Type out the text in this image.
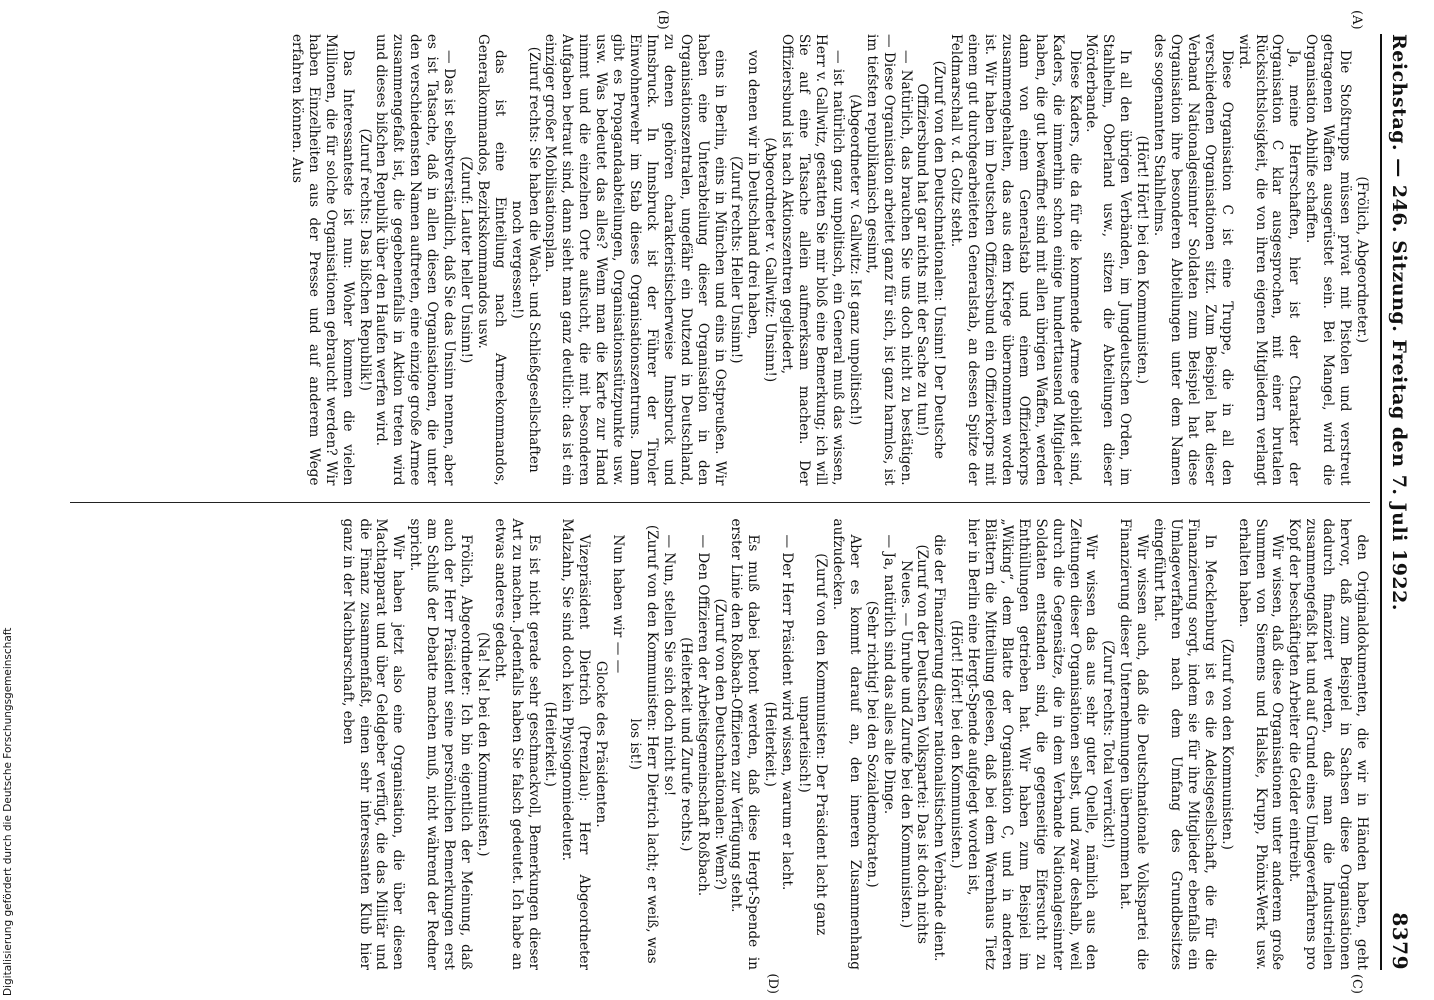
Reichstag. — 246. Sitzung. Freitag den 7. Juli 1922.
8379
(A)
(B)
(C)
(D)

(Frölich, Abgeordneter.)

Die Stoßtrupps müssen privat mit Pistolen und verstreut getragenen Waffen ausgerüstet sein. Bei Mangel, wird die Organisation Abhilfe schaffen.

Ja, meine Herrschaften, hier ist der Charakter der Organisation C klar ausgesprochen, mit einer brutalen Rücksichtslosigkeit, die von ihren eigenen Mitgliedern verlangt wird.

Diese Organisation C ist eine Truppe, die in all den verschiedenen Organisationen sitzt. Zum Beispiel hat dieser Verband Nationalgesinnter Soldaten zum Beispiel hat diese Organisation ihre besonderen Abteilungen unter dem Namen des sogenannten Stahlhelms.

(Hört! Hört! bei den Kommunisten.)

In all den übrigen Verbänden, im Jungdeutschen Orden, im Stahlhelm, Oberland usw., sitzen die Abteilungen dieser Mörderbande.

Diese Kaders, die da für die kommende Armee gebildet sind, Kaders, die immerhin schon einige hunderttausend Mitglieder haben, die gut bewaffnet sind mit allen übrigen Waffen, werden dann von einem Generalstab und einem Offizierkorps zusammengehalten, das aus dem Kriege übernommen worden ist. Wir haben im Deutschen Offiziersbund ein Offizierkorps mit einem gut durchgearbeiteten Generalstab, an dessen Spitze der Feldmarschall v. d. Goltz steht.

(Zuruf von den Deutschnationalen: Unsinn! Der Deutsche Offiziersbund hat gar nichts mit der Sache zu tun!)

— Natürlich, das brauchen Sie uns doch nicht zu bestätigen. — Diese Organisation arbeitet ganz für sich, ist ganz harmlos, ist im tiefsten republikanisch gesinnt,

(Abgeordneter v. Gallwitz: Ist ganz unpolitisch!)

— ist natürlich ganz unpolitisch, ein General muß das wissen, Herr v. Gallwitz, gestatten Sie mir bloß eine Bemerkung; ich will Sie auf eine Tatsache allein aufmerksam machen. Der Offiziersbund ist nach Aktionszentren gegliedert,

(Abgeordneter v. Gallwitz: Unsinn!)

von denen wir in Deutschland drei haben,

(Zuruf rechts: Heller Unsinn!)

eins in Berlin, eins in München und eins in Ostpreußen. Wir haben eine Unterabteilung dieser Organisation in den Organisationszentralen, ungefähr ein Dutzend in Deutschland, zu denen gehören charakteristischerweise Innsbruck und Innsbruck. In Innsbruck ist der Führer der Tiroler Einwohnerwehr im Stab dieses Organisationszentrums. Dann gibt es Propagandaabteilungen, Organisationsstützpunkte usw. usw. Was bedeutet das alles? Wenn man die Karte zur Hand nimmt und die einzelnen Orte aufsucht, die mit besonderen Aufgaben betraut sind, dann sieht man ganz deutlich: das ist ein einziger großer Mobilisationsplan.

(Zuruf rechts: Sie haben die Wach- und Schließgesellschaften noch vergessen!)

das ist eine Einteilung nach Armeekommandos, Generalkommandos, Bezirkskommandos usw.

(Zuruf: Lauter heller Unsinn!)

— Das ist selbstverständlich, daß Sie das Unsinn nennen, aber es ist Tatsache, daß in allen diesen Organisationen, die unter den verschiedensten Namen auftreten, eine einzige große Armee zusammengefaßt ist, die gegebenenfalls in Aktion treten wird und dieses bißchen Republik über den Haufen werfen wird.

(Zuruf rechts: Das bißchen Republik!)

Das Interessanteste ist nun: Woher kommen die vielen Millionen, die für solche Organisationen gebraucht werden? Wir haben Einzelheiten aus der Presse und auf anderem Wege erfahren können. Aus

den Originaldokumenten, die wir in Händen haben, geht hervor, daß zum Beispiel in Sachsen diese Organisationen dadurch finanziert werden, daß man die Industriellen zusammengefaßt hat und auf Grund eines Umlageverfahrens pro Kopf der beschäftigten Arbeiter die Gelder eintreibt.

Wir wissen, daß diese Organisationen unter anderem große Summen von Siemens und Halske, Krupp, Phönix-Werk usw. erhalten haben.

(Zuruf von den Kommunisten.)

In Mecklenburg ist es die Adelsgesellschaft, die für die Finanzierung sorgt, indem sie für ihre Mitglieder ebenfalls ein Umlageverfahren nach dem Umfang des Grundbesitzes eingeführt hat.

Wir wissen auch, daß die Deutschnationale Volkspartei die Finanzierung dieser Unternehmungen übernommen hat.

(Zuruf rechts: Total verrückt!)

Wir wissen das aus sehr guter Quelle, nämlich aus den Zeitungen dieser Organisationen selbst, und zwar deshalb, weil durch die Gegensätze, die in dem Verbande Nationalgesinnter Soldaten entstanden sind, die gegenseitige Eifersucht zu Enthüllungen getrieben hat. Wir haben zum Beispiel im „Wiking“, dem Blatte der Organisation C, und in anderen Blättern die Mitteilung gelesen, daß bei dem Warenhaus Tietz hier in Berlin eine Hergt-Spende aufgelegt worden ist,

(Hört! Hört! bei den Kommunisten.)

die der Finanzierung dieser nationalistischen Verbände dient.

(Zuruf von der Deutschen Volkspartei: Das ist doch nichts Neues. — Unruhe und Zurufe bei den Kommunisten.)

— Ja, natürlich sind das alles alte Dinge.

(Sehr richtig! bei den Sozialdemokraten.)

Aber es kommt darauf an, den inneren Zusammenhang aufzudecken.

(Zuruf von den Kommunisten: Der Präsident lacht ganz unparteiisch!)

— Der Herr Präsident wird wissen, warum er lacht.

(Heiterkeit.)

Es muß dabei betont werden, daß diese Hergt-Spende in erster Linie den Roßbach-Offizieren zur Verfügung steht.

(Zuruf von den Deutschnationalen: Wem?)

— Den Offizieren der Arbeitsgemeinschaft Roßbach.

(Heiterkeit und Zurufe rechts.)

— Nun, stellen Sie sich doch nicht so!

(Zuruf von den Kommunisten: Herr Dietrich lacht; er weiß, was los ist!)

Nun haben wir — —

Glocke des Präsidenten.

Vizepräsident Dietrich (Prenzlau): Herr Abgeordneter Malzahn, Sie sind doch kein Physiognomiedeuter.

(Heiterkeit.)

Es ist nicht gerade sehr geschmackvoll, Bemerkungen dieser Art zu machen. Jedenfalls haben Sie falsch gedeutet. Ich habe an etwas anderes gedacht.

(Na! Na! bei den Kommunisten.)

Frölich, Abgeordneter: Ich bin eigentlich der Meinung, daß auch der Herr Präsident seine persönlichen Bemerkungen erst am Schluß der Debatte machen muß, nicht während der Redner spricht.

Wir haben jetzt also eine Organisation, die über diesen Machtapparat und über Geldgeber verfügt, die das Militär und die Finanz zusammenfaßt, einen sehr interessanten Klub hier ganz in der Nachbarschaft, eben

Digitalisierung gefördert durch die Deutsche Forschungsgemeinschaft
